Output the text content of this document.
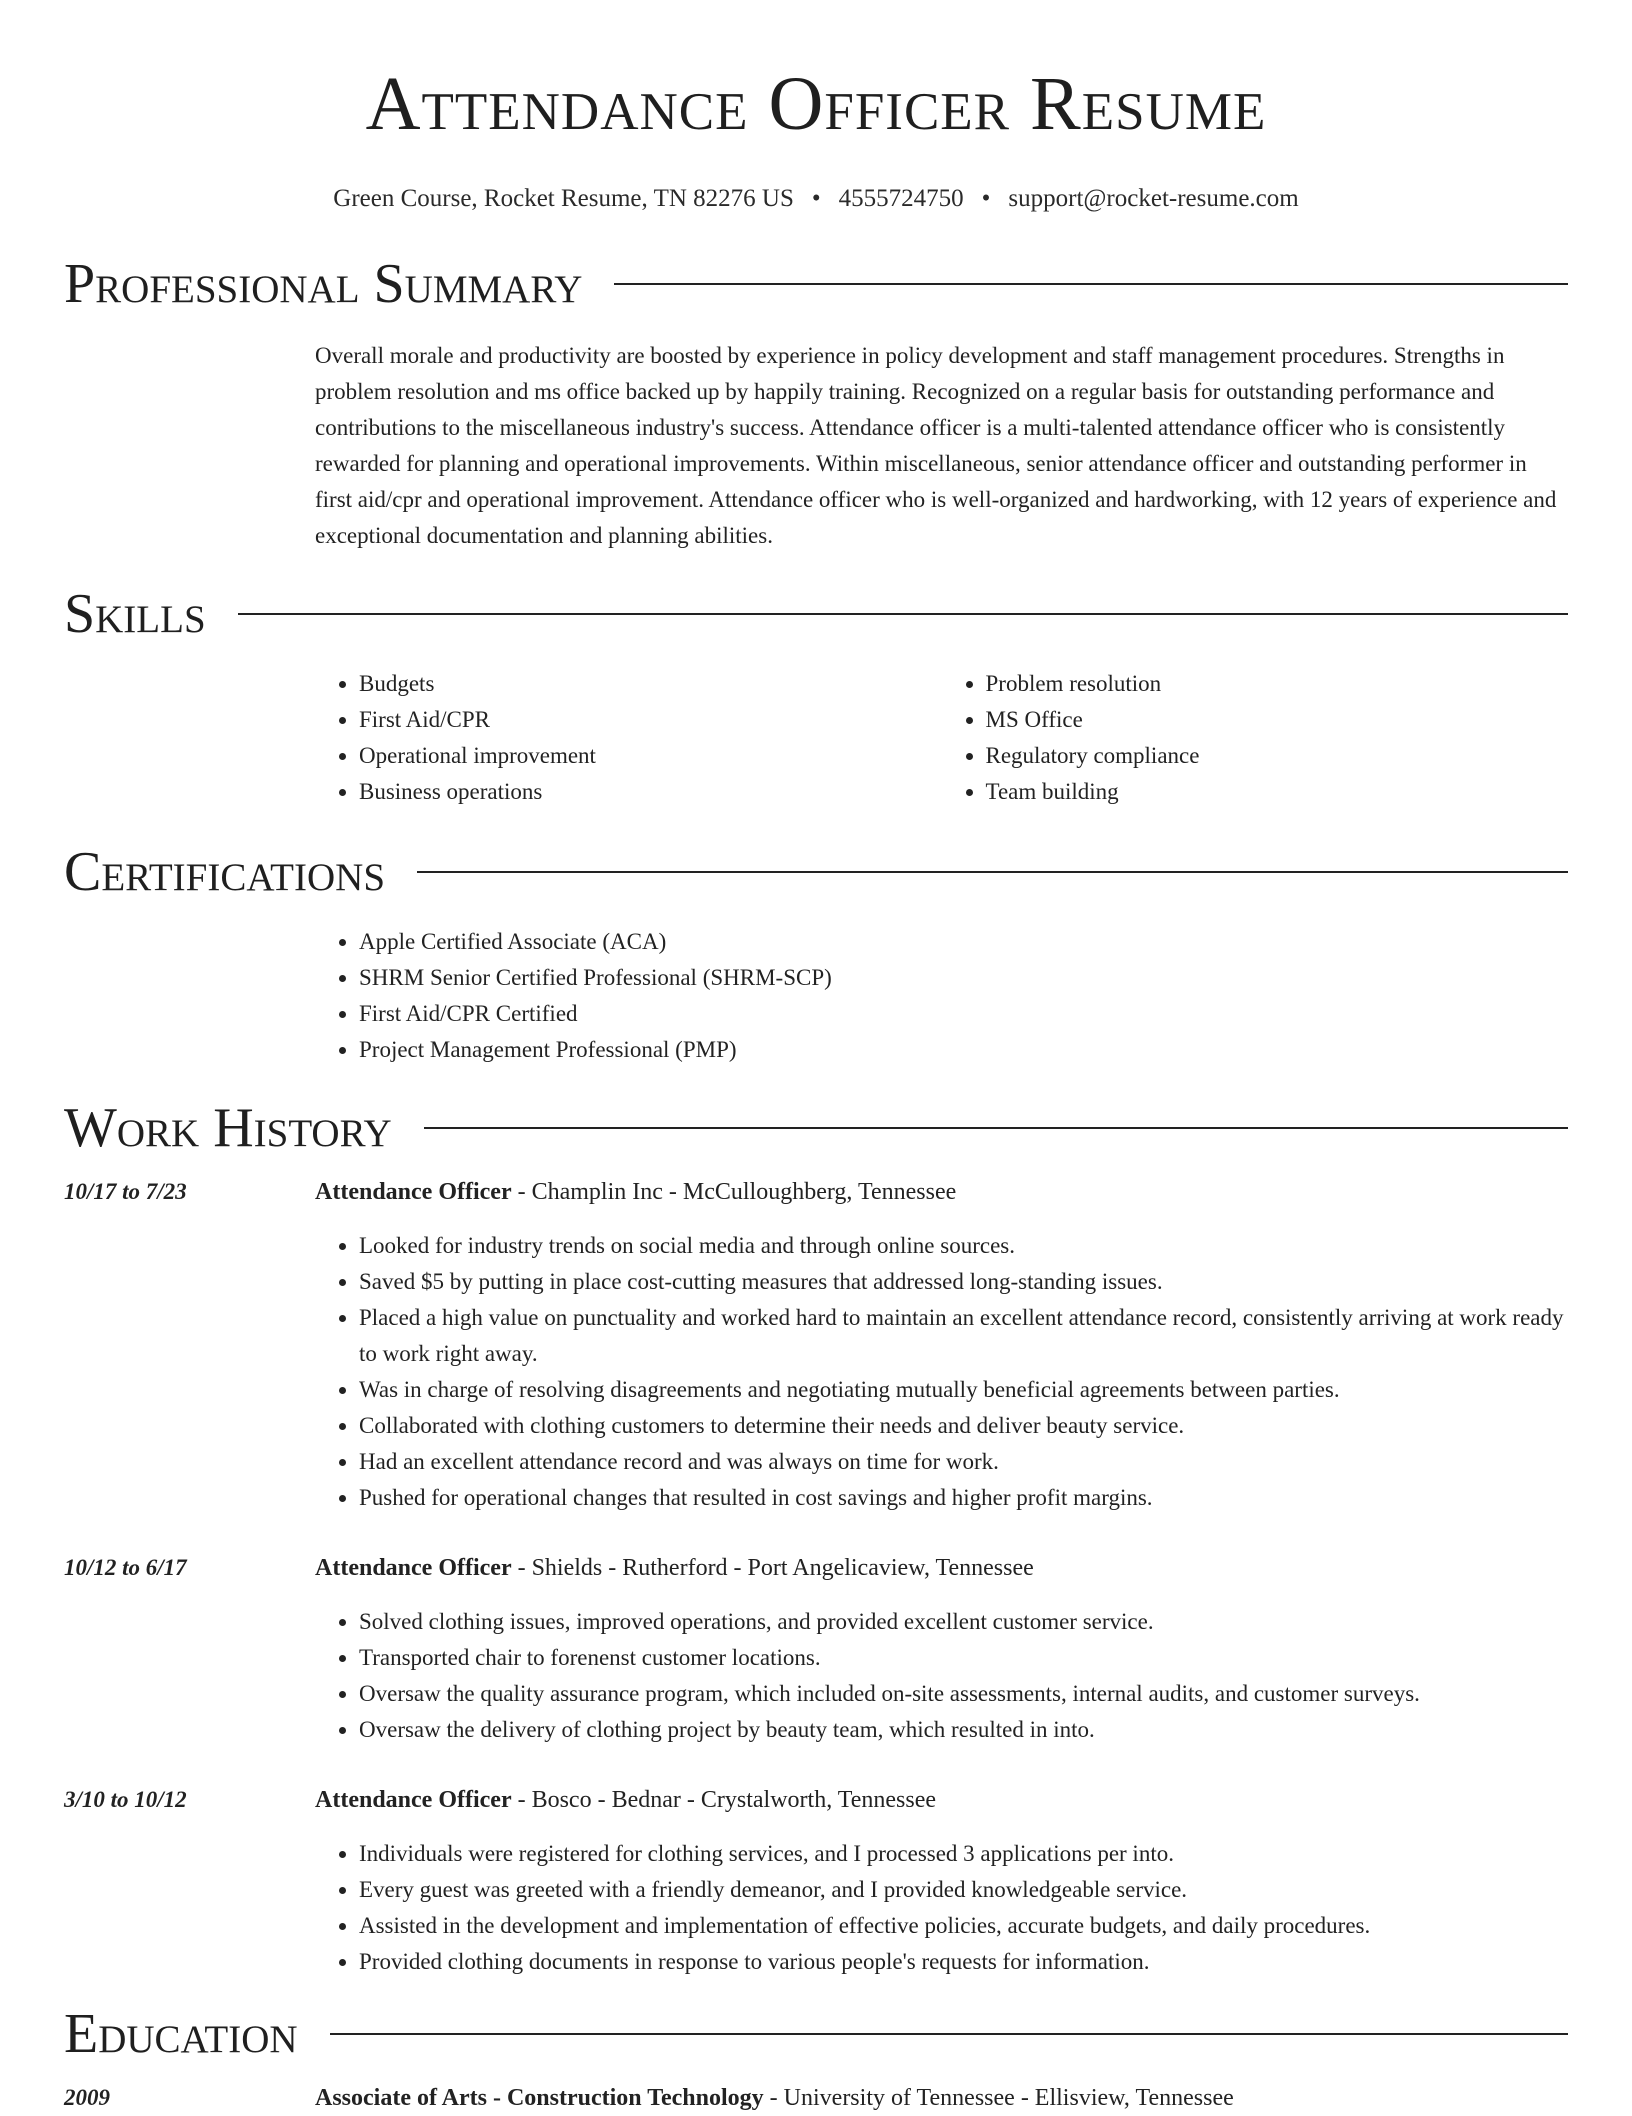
Attendance Officer Resume
Green Course, Rocket Resume, TN 82276 US • 4555724750 • support@rocket-resume.com
Professional Summary
Overall morale and productivity are boosted by experience in policy development and staff management procedures. Strengths in problem resolution and ms office backed up by happily training. Recognized on a regular basis for outstanding performance and contributions to the miscellaneous industry's success. Attendance officer is a multi-talented attendance officer who is consistently rewarded for planning and operational improvements. Within miscellaneous, senior attendance officer and outstanding performer in first aid/cpr and operational improvement. Attendance officer who is well-organized and hardworking, with 12 years of experience and exceptional documentation and planning abilities.
Skills
• Budgets
• First Aid/CPR
• Operational improvement
• Business operations
• Problem resolution
• MS Office
• Regulatory compliance
• Team building
Certifications
• Apple Certified Associate (ACA)
• SHRM Senior Certified Professional (SHRM-SCP)
• First Aid/CPR Certified
• Project Management Professional (PMP)
Work History
10/17 to 7/23	Attendance Officer - Champlin Inc - McCulloughberg, Tennessee
• Looked for industry trends on social media and through online sources.
• Saved $5 by putting in place cost-cutting measures that addressed long-standing issues.
• Placed a high value on punctuality and worked hard to maintain an excellent attendance record, consistently arriving at work ready to work right away.
• Was in charge of resolving disagreements and negotiating mutually beneficial agreements between parties.
• Collaborated with clothing customers to determine their needs and deliver beauty service.
• Had an excellent attendance record and was always on time for work.
• Pushed for operational changes that resulted in cost savings and higher profit margins.
10/12 to 6/17	Attendance Officer - Shields - Rutherford - Port Angelicaview, Tennessee
• Solved clothing issues, improved operations, and provided excellent customer service.
• Transported chair to forenenst customer locations.
• Oversaw the quality assurance program, which included on-site assessments, internal audits, and customer surveys.
• Oversaw the delivery of clothing project by beauty team, which resulted in into.
3/10 to 10/12	Attendance Officer - Bosco - Bednar - Crystalworth, Tennessee
• Individuals were registered for clothing services, and I processed 3 applications per into.
• Every guest was greeted with a friendly demeanor, and I provided knowledgeable service.
• Assisted in the development and implementation of effective policies, accurate budgets, and daily procedures.
• Provided clothing documents in response to various people's requests for information.
Education
2009	Associate of Arts - Construction Technology - University of Tennessee - Ellisview, Tennessee
